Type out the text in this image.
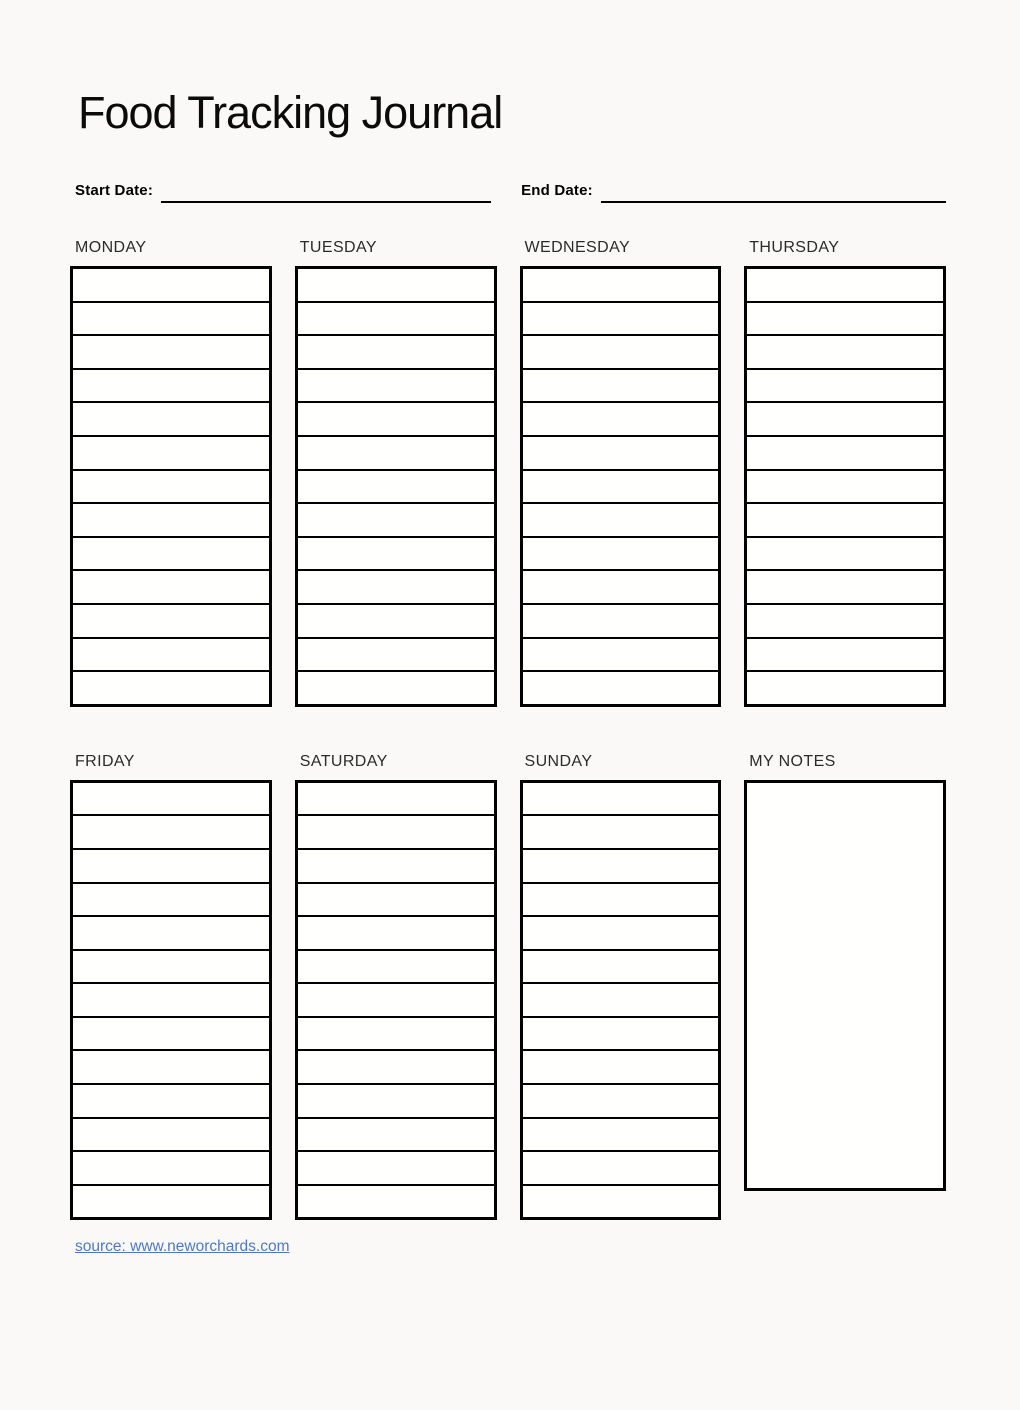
Food Tracking Journal
Start Date:	End Date:
MONDAY	TUESDAY	WEDNESDAY	THURSDAY

FRIDAY	SATURDAY	SUNDAY	MY NOTES
source: www.neworchards.com
